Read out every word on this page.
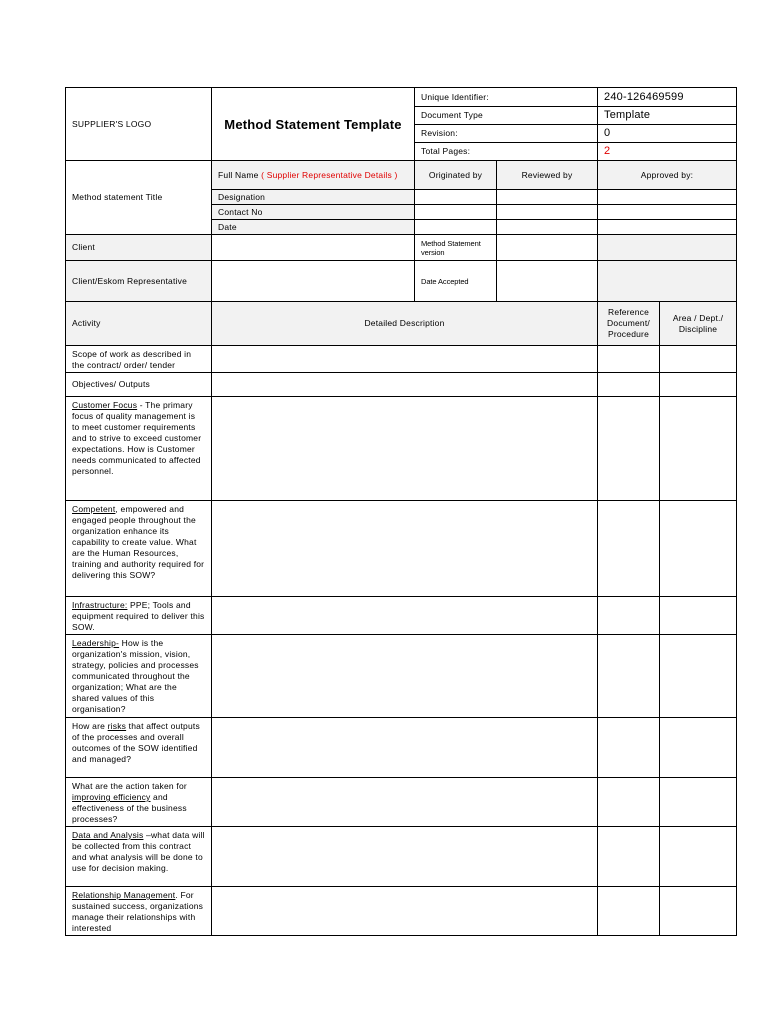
SUPPLIER'S LOGO	Method Statement Template	Unique Identifier:		240-126469599	
		Document Type		Template	
		Revision:		0	
		Total Pages:		2	
Method statement Title	Full Name ( Supplier Representative Details )	Originated by	Reviewed by	Approved by:	
	Designation				
	Contact No				
	Date				
Client		Method Statement version			
Client/Eskom Representative		Date Accepted			
Activity	Detailed Description			Reference Document/ Procedure	Area / Dept./ Discipline
Scope of work as described in the contract/ order/ tender					
Objectives/ Outputs					
Customer Focus - The primary focus of quality management is to meet customer requirements and to strive to exceed customer expectations. How is Customer needs communicated to affected personnel.					
Competent, empowered and engaged people throughout the organization enhance its capability to create value. What are the Human Resources, training and authority required for delivering this SOW?					
Infrastructure: PPE; Tools and equipment required to deliver this SOW.					
Leadership- How is the organization's mission, vision, strategy, policies and processes communicated throughout the organization; What are the shared values of this organisation?					
How are risks that affect outputs of the processes and overall outcomes of the SOW identified and managed?					
What are the action taken for improving efficiency and effectiveness of the business processes?					
Data and Analysis –what data will be collected from this contract and what analysis will be done to use for decision making.					
Relationship Management. For sustained success, organizations manage their relationships with interested					
